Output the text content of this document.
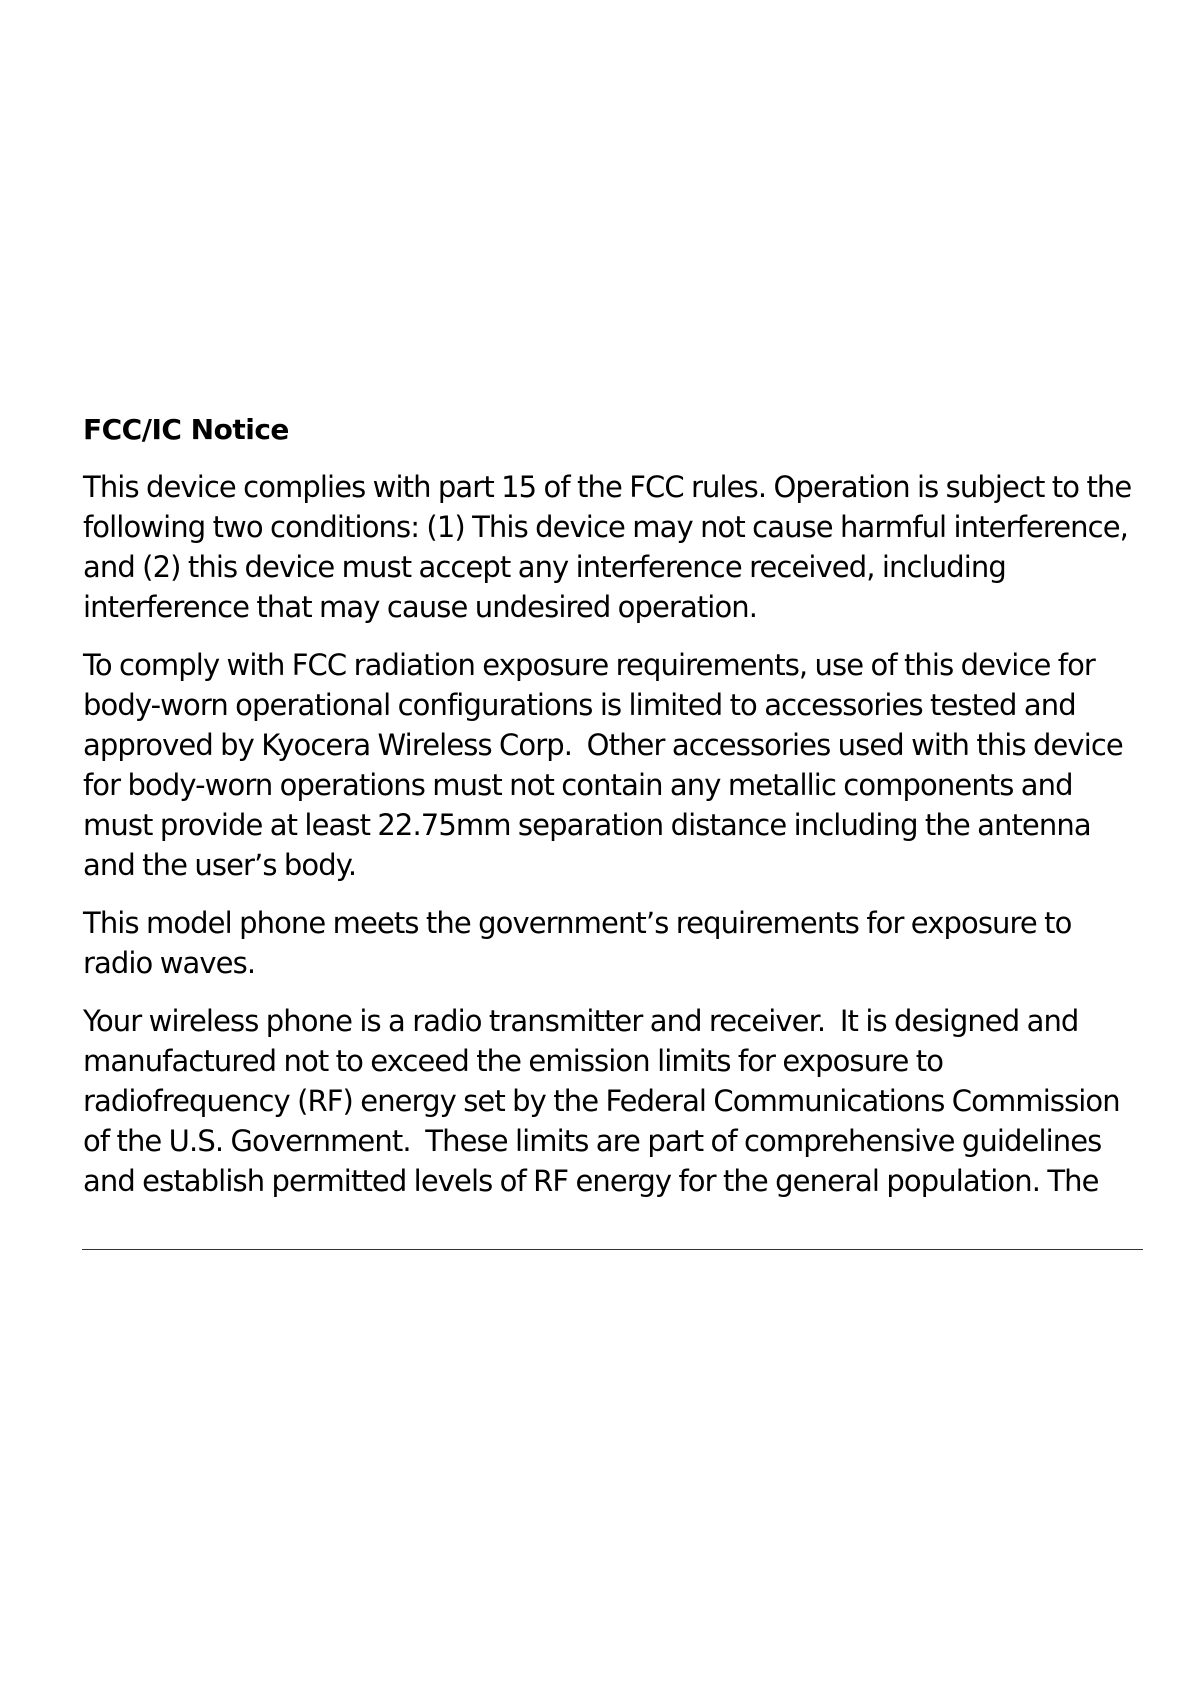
FCC/IC Notice

This device complies with part 15 of the FCC rules. Operation is subject to the following two conditions: (1) This device may not cause harmful interference, and (2) this device must accept any interference received, including interference that may cause undesired operation.

To comply with FCC radiation exposure requirements, use of this device for body-worn operational configurations is limited to accessories tested and approved by Kyocera Wireless Corp.  Other accessories used with this device for body-worn operations must not contain any metallic components and must provide at least 22.75mm separation distance including the antenna and the user’s body.

This model phone meets the government’s requirements for exposure to radio waves.

Your wireless phone is a radio transmitter and receiver.  It is designed and manufactured not to exceed the emission limits for exposure to radiofrequency (RF) energy set by the Federal Communications Commission of the U.S. Government.  These limits are part of comprehensive guidelines and establish permitted levels of RF energy for the general population. The
